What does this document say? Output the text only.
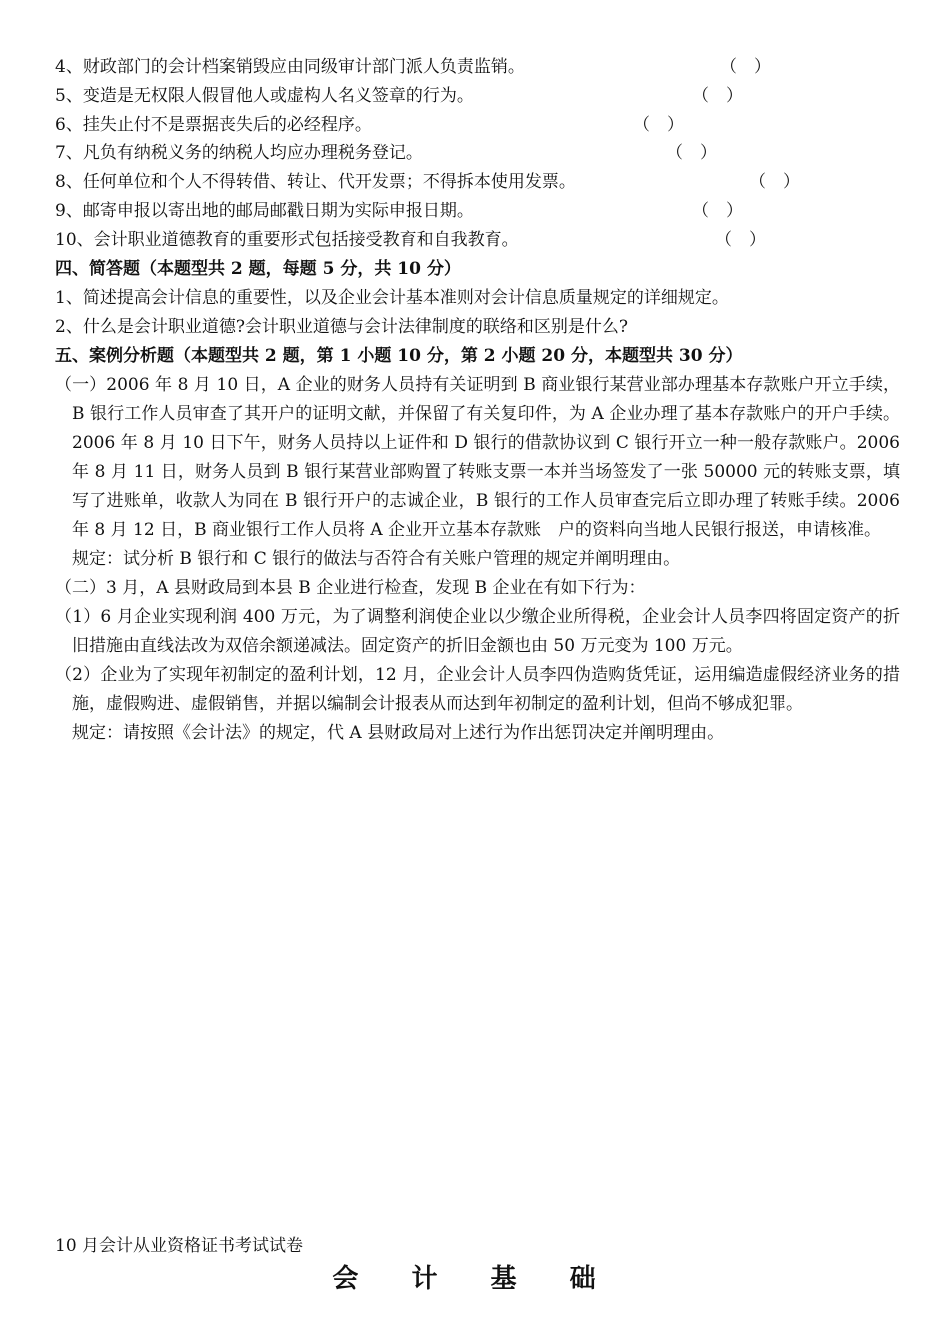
4、财政部门的会计档案销毁应由同级审计部门派人负责监销。	（　）
5、变造是无权限人假冒他人或虚构人名义签章的行为。	（　）
6、挂失止付不是票据丧失后的必经程序。	（　）
7、凡负有纳税义务的纳税人均应办理税务登记。	（　）
8、任何单位和个人不得转借、转让、代开发票；不得拆本使用发票。	（　）
9、邮寄申报以寄出地的邮局邮戳日期为实际申报日期。	（　）
10、会计职业道德教育的重要形式包括接受教育和自我教育。	（　）
四、简答题（本题型共 2 题，每题 5 分，共 10 分）
1、简述提高会计信息的重要性，以及企业会计基本准则对会计信息质量规定的详细规定。
2、什么是会计职业道德?会计职业道德与会计法律制度的联络和区别是什么?
五、案例分析题（本题型共 2 题，第 1 小题 10 分，第 2 小题 20 分，本题型共 30 分）

（一）2006 年 8 月 10 日，A 企业的财务人员持有关证明到 B 商业银行某营业部办理基本存款账户开立手续，B 银行工作人员审查了其开户的证明文献，并保留了有关复印件，为 A 企业办理了基本存款账户的开户手续。2006 年 8 月 10 日下午，财务人员持以上证件和 D 银行的借款协议到 C 银行开立一种一般存款账户。2006 年 8 月 11 日，财务人员到 B 银行某营业部购置了转账支票一本并当场签发了一张 50000 元的转账支票，填写了进账单，收款人为同在 B 银行开户的志诚企业，B 银行的工作人员审查完后立即办理了转账手续。2006 年 8 月 12 日，B 商业银行工作人员将 A 企业开立基本存款账　户的资料向当地人民银行报送，申请核准。

规定：试分析 B 银行和 C 银行的做法与否符合有关账户管理的规定并阐明理由。

（二）3 月，A 县财政局到本县 B 企业进行检查，发现 B 企业在有如下行为：

（1）6 月企业实现利润 400 万元，为了调整利润使企业以少缴企业所得税，企业会计人员李四将固定资产的折旧措施由直线法改为双倍余额递减法。固定资产的折旧金额也由 50 万元变为 100 万元。

（2）企业为了实现年初制定的盈利计划，12 月，企业会计人员李四伪造购货凭证，运用编造虚假经济业务的措施，虚假购进、虚假销售，并据以编制会计报表从而达到年初制定的盈利计划，但尚不够成犯罪。

规定：请按照《会计法》的规定，代 A 县财政局对上述行为作出惩罚决定并阐明理由。

10 月会计从业资格证书考试试卷
会 计 基 础
